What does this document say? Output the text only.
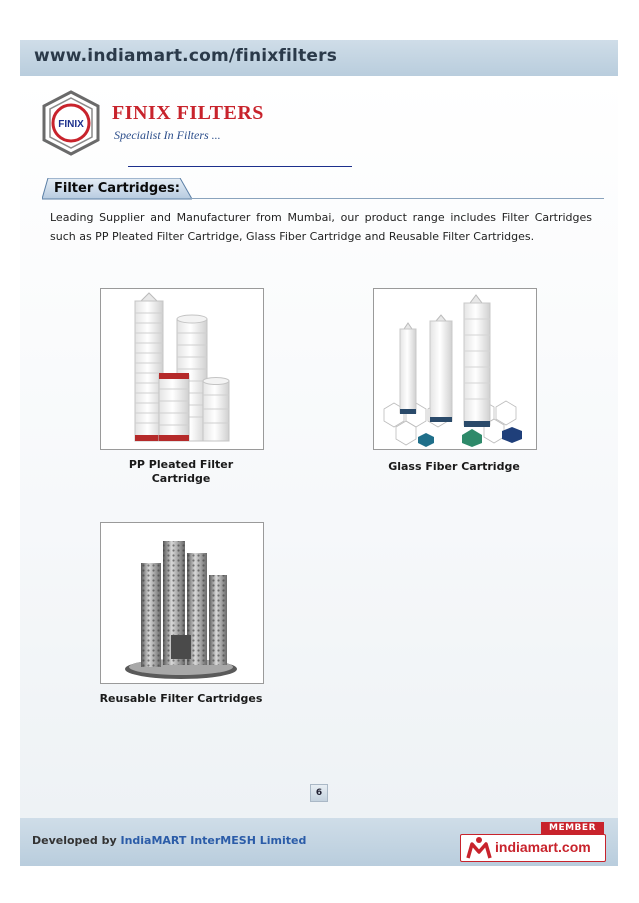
www.indiamart.com/finixfilters
FINIX
FINIX FILTERS
Specialist In Filters ...
Filter Cartridges:
Leading Supplier and Manufacturer from Mumbai, our product range includes Filter Cartridges such as PP Pleated Filter Cartridge, Glass Fiber Cartridge and Reusable Filter Cartridges.
PP Pleated Filter
Cartridge
Glass Fiber Cartridge
Reusable Filter Cartridges
6
Developed by IndiaMART InterMESH Limited
MEMBER
indiamart.com
